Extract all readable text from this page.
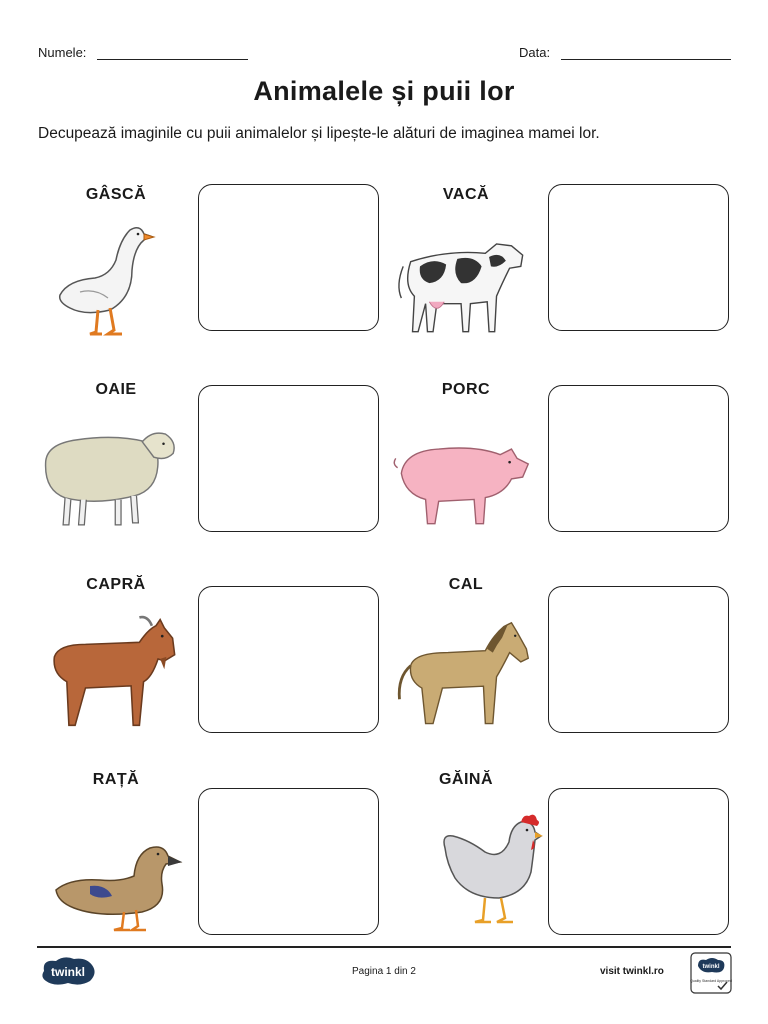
Numele:	Data:
Animalele și puii lor
Decupează imaginile cu puii animalelor și lipește-le alături de imaginea mamei lor.
GÂSCĂ	VACĂ
OAIE	PORC
CAPRĂ	CAL
RAȚĂ	GĂINĂ
twinkl	Pagina 1 din 2	visit twinkl.ro	twinkl
Quality Standard Approved
